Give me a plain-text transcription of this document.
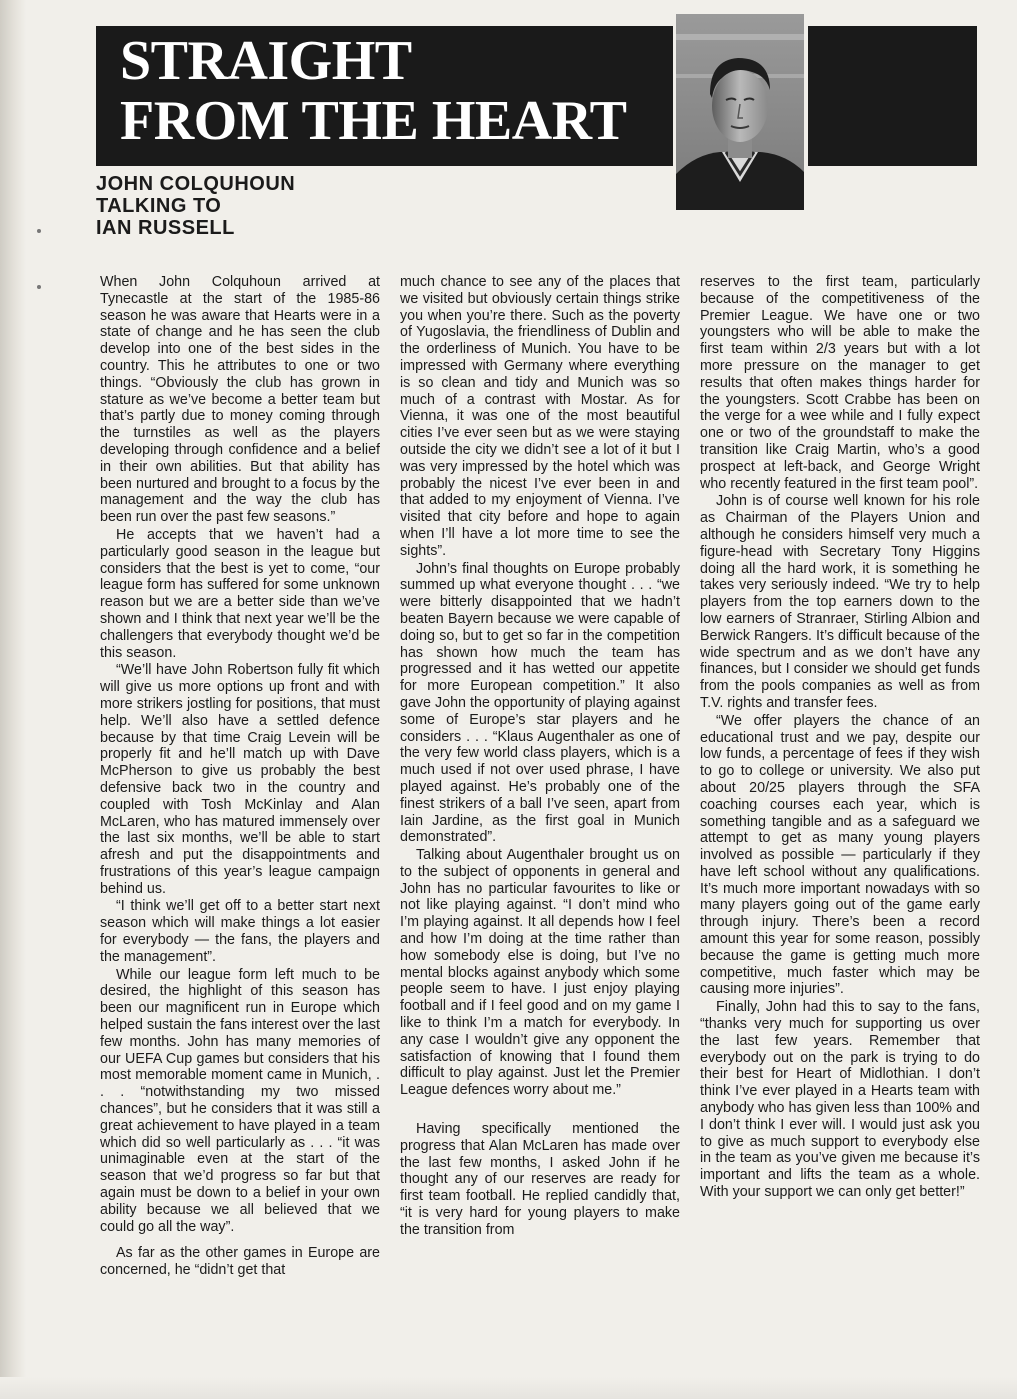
STRAIGHT
FROM THE HEART
JOHN COLQUHOUN
TALKING TO
IAN RUSSELL

When John Colquhoun arrived at Tynecastle at the start of the 1985-86 season he was aware that Hearts were in a state of change and he has seen the club develop into one of the best sides in the country. This he attributes to one or two things. “Obviously the club has grown in stature as we’ve become a better team but that’s partly due to money coming through the turnstiles as well as the players developing through confidence and a belief in their own abilities. But that ability has been nurtured and brought to a focus by the management and the way the club has been run over the past few seasons.”

He accepts that we haven’t had a particularly good season in the league but considers that the best is yet to come, “our league form has suffered for some unknown reason but we are a better side than we’ve shown and I think that next year we’ll be the challengers that everybody thought we’d be this season.

“We’ll have John Robertson fully fit which will give us more options up front and with more strikers jostling for positions, that must help. We’ll also have a settled defence because by that time Craig Levein will be properly fit and he’ll match up with Dave McPherson to give us probably the best defensive back two in the country and coupled with Tosh McKinlay and Alan McLaren, who has matured immensely over the last six months, we’ll be able to start afresh and put the disappointments and frustrations of this year’s league campaign behind us.

“I think we’ll get off to a better start next season which will make things a lot easier for everybody — the fans, the players and the management”.

While our league form left much to be desired, the highlight of this season has been our magnificent run in Europe which helped sustain the fans interest over the last few months. John has many memories of our UEFA Cup games but considers that his most memorable moment came in Munich, . . . “notwithstanding my two missed chances”, but he considers that it was still a great achievement to have played in a team which did so well particularly as . . . “it was unimaginable even at the start of the season that we’d progress so far but that again must be down to a belief in your own ability because we all believed that we could go all the way”.

As far as the other games in Europe are concerned, he “didn’t get that

much chance to see any of the places that we visited but obviously certain things strike you when you’re there. Such as the poverty of Yugoslavia, the friendliness of Dublin and the orderliness of Munich. You have to be impressed with Germany where everything is so clean and tidy and Munich was so much of a contrast with Mostar. As for Vienna, it was one of the most beautiful cities I’ve ever seen but as we were staying outside the city we didn’t see a lot of it but I was very impressed by the hotel which was probably the nicest I’ve ever been in and that added to my enjoyment of Vienna. I’ve visited that city before and hope to again when I’ll have a lot more time to see the sights”.

John’s final thoughts on Europe probably summed up what everyone thought . . . “we were bitterly disappointed that we hadn’t beaten Bayern because we were capable of doing so, but to get so far in the competition has shown how much the team has progressed and it has wetted our appetite for more European competition.” It also gave John the opportunity of playing against some of Europe’s star players and he considers . . . “Klaus Augenthaler as one of the very few world class players, which is a much used if not over used phrase, I have played against. He’s probably one of the finest strikers of a ball I’ve seen, apart from Iain Jardine, as the first goal in Munich demonstrated”.

Talking about Augenthaler brought us on to the subject of opponents in general and John has no particular favourites to like or not like playing against. “I don’t mind who I’m playing against. It all depends how I feel and how I’m doing at the time rather than how somebody else is doing, but I’ve no mental blocks against anybody which some people seem to have. I just enjoy playing football and if I feel good and on my game I like to think I’m a match for everybody. In any case I wouldn’t give any opponent the satisfaction of knowing that I found them difficult to play against. Just let the Premier League defences worry about me.”

Having specifically mentioned the progress that Alan McLaren has made over the last few months, I asked John if he thought any of our reserves are ready for first team football. He replied candidly that, “it is very hard for young players to make the transition from

reserves to the first team, particularly because of the competitiveness of the Premier League. We have one or two youngsters who will be able to make the first team within 2/3 years but with a lot more pressure on the manager to get results that often makes things harder for the youngsters. Scott Crabbe has been on the verge for a wee while and I fully expect one or two of the groundstaff to make the transition like Craig Martin, who’s a good prospect at left-back, and George Wright who recently featured in the first team pool”.

John is of course well known for his role as Chairman of the Players Union and although he considers himself very much a figure-head with Secretary Tony Higgins doing all the hard work, it is something he takes very seriously indeed. “We try to help players from the top earners down to the low earners of Stranraer, Stirling Albion and Berwick Rangers. It’s difficult because of the wide spectrum and as we don’t have any finances, but I consider we should get funds from the pools companies as well as from T.V. rights and transfer fees.

“We offer players the chance of an educational trust and we pay, despite our low funds, a percentage of fees if they wish to go to college or university. We also put about 20/25 players through the SFA coaching courses each year, which is something tangible and as a safeguard we attempt to get as many young players involved as possible — particularly if they have left school without any qualifications. It’s much more important nowadays with so many players going out of the game early through injury. There’s been a record amount this year for some reason, possibly because the game is getting much more competitive, much faster which may be causing more injuries”.

Finally, John had this to say to the fans, “thanks very much for supporting us over the last few years. Remember that everybody out on the park is trying to do their best for Heart of Midlothian. I don’t think I’ve ever played in a Hearts team with anybody who has given less than 100% and I don’t think I ever will. I would just ask you to give as much support to everybody else in the team as you’ve given me because it’s important and lifts the team as a whole. With your support we can only get better!”
